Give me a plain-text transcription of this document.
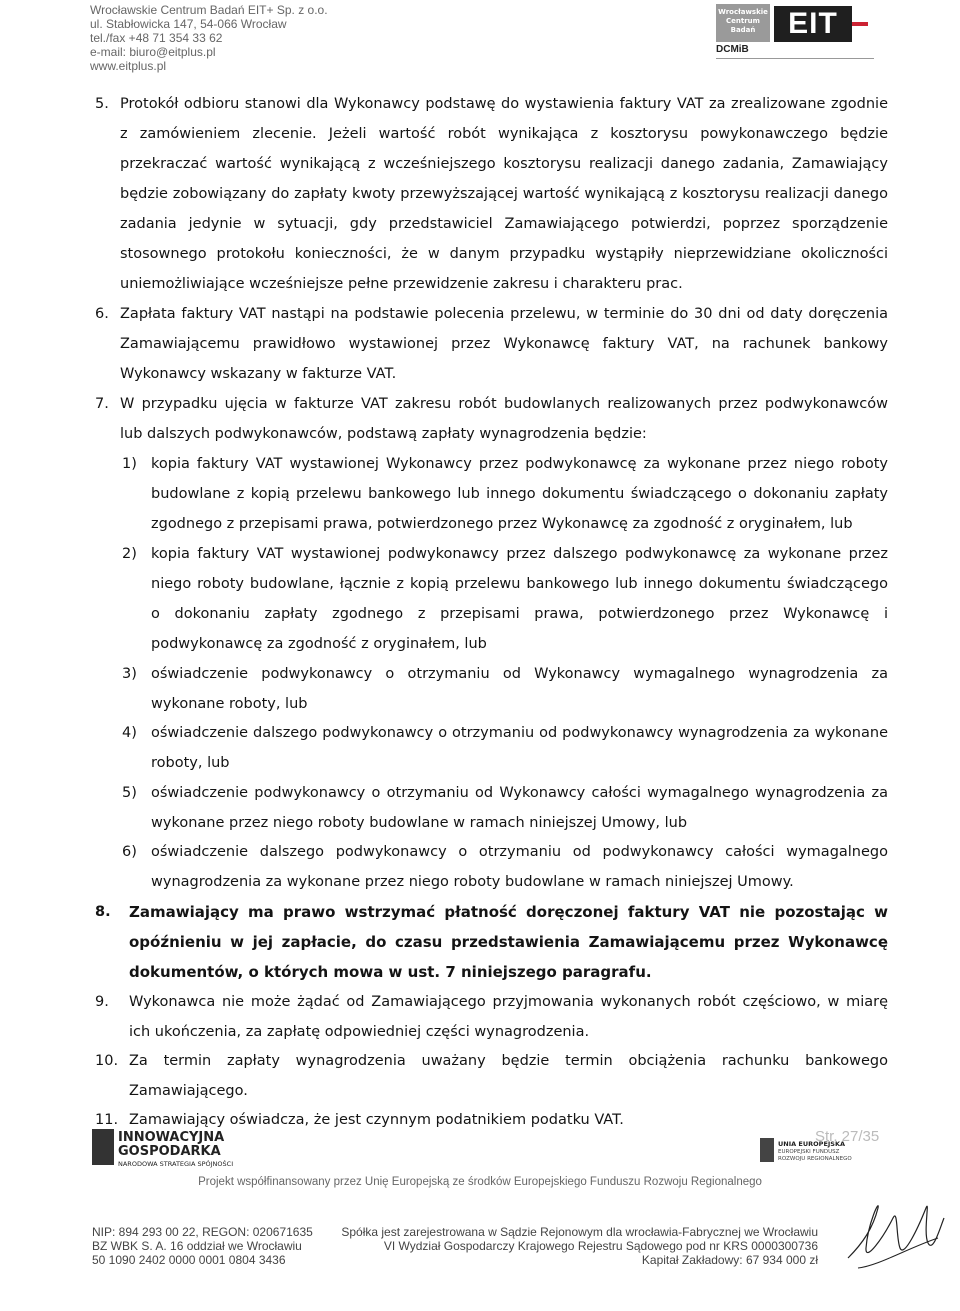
Wrocławskie Centrum Badań EIT+ Sp. z o.o.
ul. Stabłowicka 147, 54-066 Wrocław
tel./fax +48 71 354 33 62
e-mail: biuro@eitplus.pl
www.eitplus.pl
Wrocławskie Centrum Badań	EIT
DCMiB
5. Protokół odbioru stanowi dla Wykonawcy podstawę do wystawienia faktury VAT za zrealizowane zgodnie
z zamówieniem zlecenie. Jeżeli wartość robót wynikająca z kosztorysu powykonawczego będzie
przekraczać wartość wynikającą z wcześniejszego kosztorysu realizacji danego zadania, Zamawiający
będzie zobowiązany do zapłaty kwoty przewyższającej wartość wynikającą z kosztorysu realizacji danego
zadania jedynie w sytuacji, gdy przedstawiciel Zamawiającego potwierdzi, poprzez sporządzenie
stosownego protokołu konieczności, że w danym przypadku wystąpiły nieprzewidziane okoliczności
uniemożliwiające wcześniejsze pełne przewidzenie zakresu i charakteru prac.
6. Zapłata faktury VAT nastąpi na podstawie polecenia przelewu, w terminie do 30 dni od daty doręczenia
Zamawiającemu prawidłowo wystawionej przez Wykonawcę faktury VAT, na rachunek bankowy
Wykonawcy wskazany w fakturze VAT.
7. W przypadku ujęcia w fakturze VAT zakresu robót budowlanych realizowanych przez podwykonawców
lub dalszych podwykonawców, podstawą zapłaty wynagrodzenia będzie:
1) kopia faktury VAT wystawionej Wykonawcy przez podwykonawcę za wykonane przez niego roboty
budowlane z kopią przelewu bankowego lub innego dokumentu świadczącego o dokonaniu zapłaty
zgodnego z przepisami prawa, potwierdzonego przez Wykonawcę za zgodność z oryginałem, lub
2) kopia faktury VAT wystawionej podwykonawcy przez dalszego podwykonawcę za wykonane przez
niego roboty budowlane, łącznie z kopią przelewu bankowego lub innego dokumentu świadczącego
o dokonaniu zapłaty zgodnego z przepisami prawa, potwierdzonego przez Wykonawcę i
podwykonawcę za zgodność z oryginałem, lub
3) oświadczenie podwykonawcy o otrzymaniu od Wykonawcy wymagalnego wynagrodzenia za
wykonane roboty, lub
4) oświadczenie dalszego podwykonawcy o otrzymaniu od podwykonawcy wynagrodzenia za wykonane
roboty, lub
5) oświadczenie podwykonawcy o otrzymaniu od Wykonawcy całości wymagalnego wynagrodzenia za
wykonane przez niego roboty budowlane w ramach niniejszej Umowy, lub
6) oświadczenie dalszego podwykonawcy o otrzymaniu od podwykonawcy całości wymagalnego
wynagrodzenia za wykonane przez niego roboty budowlane w ramach niniejszej Umowy.
8. Zamawiający ma prawo wstrzymać płatność doręczonej faktury VAT nie pozostając w
opóźnieniu w jej zapłacie, do czasu przedstawienia Zamawiającemu przez Wykonawcę
dokumentów, o których mowa w ust. 7 niniejszego paragrafu.
9. Wykonawca nie może żądać od Zamawiającego przyjmowania wykonanych robót częściowo, w miarę
ich ukończenia, za zapłatę odpowiedniej części wynagrodzenia.
10. Za termin zapłaty wynagrodzenia uważany będzie termin obciążenia rachunku bankowego
Zamawiającego.
11. Zamawiający oświadcza, że jest czynnym podatnikiem podatku VAT.
INNOWACYJNA
GOSPODARKA
NARODOWA STRATEGIA SPÓJNOŚCI
UNIA EUROPEJSKA
EUROPEJSKI FUNDUSZ
ROZWOJU REGIONALNEGO
Str. 27/35
Projekt współfinansowany przez Unię Europejską ze środków Europejskiego Funduszu Rozwoju Regionalnego
NIP: 894 293 00 22, REGON: 020671635
BZ WBK S. A. 16 oddział we Wrocławiu
50 1090 2402 0000 0001 0804 3436
Spółka jest zarejestrowana w Sądzie Rejonowym dla wrocławia-Fabrycznej we Wrocławiu
VI Wydział Gospodarczy Krajowego Rejestru Sądowego pod nr KRS 0000300736
Kapitał Zakładowy: 67 934 000 zł
